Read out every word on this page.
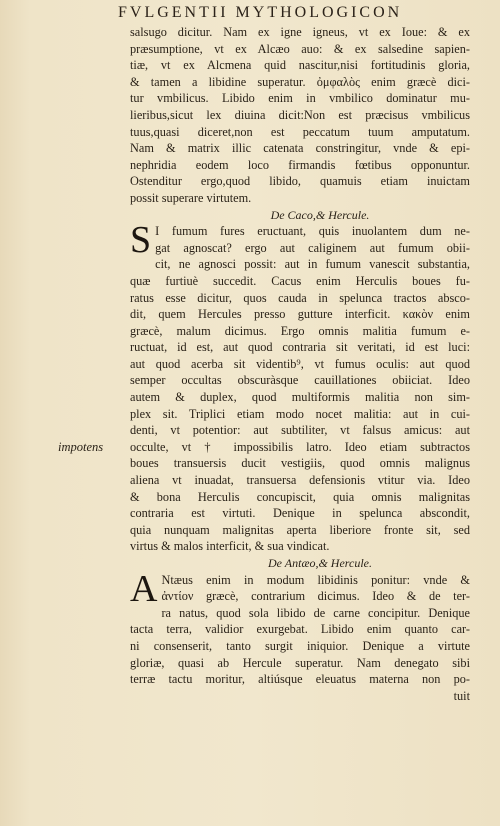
FVLGENTII MYTHOLOGICON
impotens
salsugo dicitur. Nam ex igne igneus, vt ex Ioue: & ex
præsumptione, vt ex Alcæo auo: & ex salsedine sapien-
tiæ, vt ex Alcmena quid nascitur,nisi fortitudinis gloria,
& tamen a libidine superatur. ὀμφαλὸς enim græcè dici-
tur vmbilicus. Libido enim in vmbilico dominatur mu-
lieribus,sicut lex diuina dicit:Non est præcisus vmbilicus
tuus,quasi diceret,non est peccatum tuum amputatum.
Nam & matrix illic catenata constringitur, vnde & epi-
nephridia eodem loco firmandis fœtibus opponuntur.
Ostenditur ergo,quod libido, quamuis etiam inuictam
possit superare virtutem.
De Caco,& Hercule.
S I fumum fures eructuant, quis inuolantem dum ne-
gat agnoscat? ergo aut caliginem aut fumum obii-
cit, ne agnosci possit: aut in fumum vanescit substantia,
quæ furtiuè succedit. Cacus enim Herculis boues fu-
ratus esse dicitur, quos cauda in spelunca tractos absco-
dit, quem Hercules presso gutture interficit. κακὸν enim
græcè, malum dicimus. Ergo omnis malitia fumum e-
ructuat, id est, aut quod contraria sit veritati, id est luci:
aut quod acerba sit videntib⁹, vt fumus oculis: aut quod
semper occultas obscuràsque cauillationes obiiciat. Ideo
autem & duplex, quod multiformis malitia non sim-
plex sit. Triplici etiam modo nocet malitia: aut in cui-
denti, vt potentior: aut subtiliter, vt falsus amicus: aut
occulte, vt † impossibilis latro. Ideo etiam subtractos
boues transuersis ducit vestigiis, quod omnis malignus
aliena vt inuadat, transuersa defensionis vtitur via. Ideo
& bona Herculis concupiscit, quia omnis malignitas
contraria est virtuti. Denique in spelunca abscondit,
quia nunquam malignitas aperta liberiore fronte sit, sed
virtus & malos interficit, & sua vindicat.
De Antæo,& Hercule.
A Ntæus enim in modum libidinis ponitur: vnde &
ἀντίον græcè, contrarium dicimus. Ideo & de ter-
ra natus, quod sola libido de carne concipitur. Denique
tacta terra, validior exurgebat. Libido enim quanto car-
ni consenserit, tanto surgit iniquior. Denique a virtute
gloriæ, quasi ab Hercule superatur. Nam denegato sibi
terræ tactu moritur, altiúsque eleuatus materna non po-
tuit
